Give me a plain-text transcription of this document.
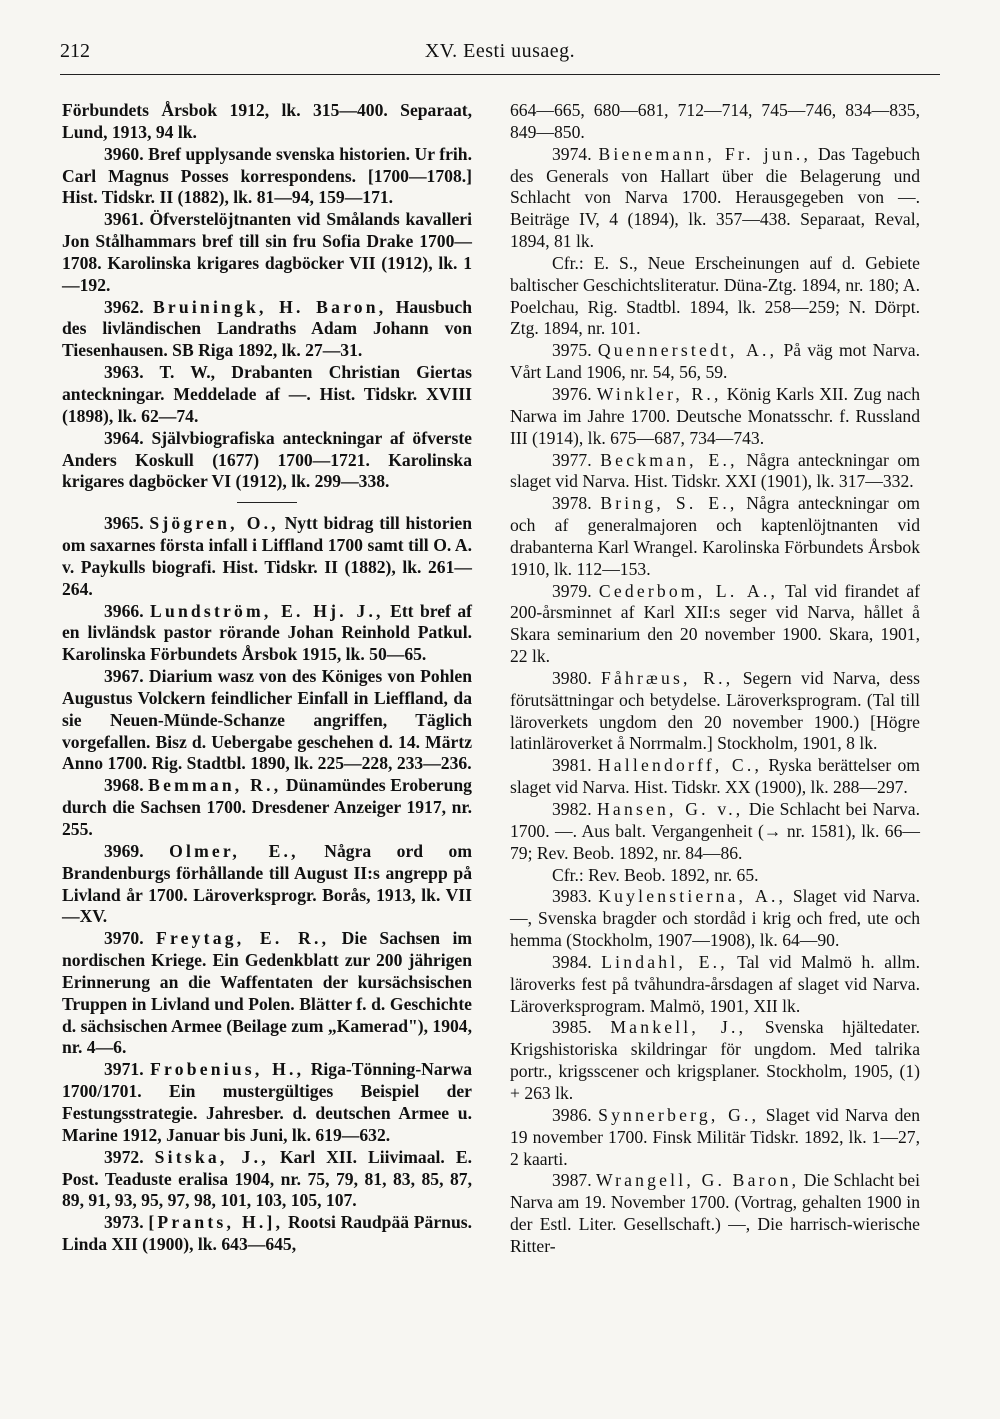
212	XV. Eesti uusaeg.

Förbundets Årsbok 1912, lk. 315—400. Separaat, Lund, 1913, 94 lk.

3960. Bref upplysande svenska historien. Ur frih. Carl Magnus Posses korrespondens. [1700—1708.] Hist. Tidskr. II (1882), lk. 81—94, 159—171.

3961. Öfverstelöjtnanten vid Smålands kavalleri Jon Stålhammars bref till sin fru Sofia Drake 1700—1708. Karolinska krigares dagböcker VII (1912), lk. 1—192.

3962. Bruiningk, H. Baron, Hausbuch des livländischen Landraths Adam Johann von Tiesenhausen. SB Riga 1892, lk. 27—31.

3963. T. W., Drabanten Christian Giertas anteckningar. Meddelade af —. Hist. Tidskr. XVIII (1898), lk. 62—74.

3964. Självbiografiska anteckningar af öfverste Anders Koskull (1677) 1700—1721. Karolinska krigares dagböcker VI (1912), lk. 299—338.

3965. Sjögren, O., Nytt bidrag till historien om saxarnes första infall i Liffland 1700 samt till O. A. v. Paykulls biografi. Hist. Tidskr. II (1882), lk. 261—264.

3966. Lundström, E. Hj. J., Ett bref af en livländsk pastor rörande Johan Reinhold Patkul. Karolinska Förbundets Årsbok 1915, lk. 50—65.

3967. Diarium wasz von des Königes von Pohlen Augustus Volckern feindlicher Einfall in Lieffland, da sie Neuen-Münde-Schanze angriffen, Täglich vorgefallen. Bisz d. Uebergabe geschehen d. 14. Märtz Anno 1700. Rig. Stadtbl. 1890, lk. 225—228, 233—236.

3968. Bemman, R., Dünamündes Eroberung durch die Sachsen 1700. Dresdener Anzeiger 1917, nr. 255.

3969. Olmer, E., Några ord om Brandenburgs förhållande till August II:s angrepp på Livland år 1700. Läroverksprogr. Borås, 1913, lk. VII—XV.

3970. Freytag, E. R., Die Sachsen im nordischen Kriege. Ein Gedenkblatt zur 200 jährigen Erinnerung an die Waffentaten der kursächsischen Truppen in Livland und Polen. Blätter f. d. Geschichte d. sächsischen Armee (Beilage zum „Kamerad"), 1904, nr. 4—6.

3971. Frobenius, H., Riga-Tönning-Narwa 1700/1701. Ein mustergültiges Beispiel der Festungsstrategie. Jahresber. d. deutschen Armee u. Marine 1912, Januar bis Juni, lk. 619—632.

3972. Sitska, J., Karl XII. Liivimaal. E. Post. Teaduste eralisa 1904, nr. 75, 79, 81, 83, 85, 87, 89, 91, 93, 95, 97, 98, 101, 103, 105, 107.

3973. [Prants, H.], Rootsi Raudpää Pärnus. Linda XII (1900), lk. 643—645,

664—665, 680—681, 712—714, 745—746, 834—835, 849—850.

3974. Bienemann, Fr. jun., Das Tagebuch des Generals von Hallart über die Belagerung und Schlacht von Narva 1700. Herausgegeben von —. Beiträge IV, 4 (1894), lk. 357—438. Separaat, Reval, 1894, 81 lk.

Cfr.: E. S., Neue Erscheinungen auf d. Gebiete baltischer Geschichtsliteratur. Düna-Ztg. 1894, nr. 180; A. Poelchau, Rig. Stadtbl. 1894, lk. 258—259; N. Dörpt. Ztg. 1894, nr. 101.

3975. Quennerstedt, A., På väg mot Narva. Vårt Land 1906, nr. 54, 56, 59.

3976. Winkler, R., König Karls XII. Zug nach Narwa im Jahre 1700. Deutsche Monatsschr. f. Russland III (1914), lk. 675—687, 734—743.

3977. Beckman, E., Några anteckningar om slaget vid Narva. Hist. Tidskr. XXI (1901), lk. 317—332.

3978. Bring, S. E., Några anteckningar om och af generalmajoren och kaptenlöjtnanten vid drabanterna Karl Wrangel. Karolinska Förbundets Årsbok 1910, lk. 112—153.

3979. Cederbom, L. A., Tal vid firandet af 200-årsminnet af Karl XII:s seger vid Narva, hållet å Skara seminarium den 20 november 1900. Skara, 1901, 22 lk.

3980. Fåhræus, R., Segern vid Narva, dess förutsättningar och betydelse. Läroverksprogram. (Tal till läroverkets ungdom den 20 november 1900.) [Högre latinläroverket å Norrmalm.] Stockholm, 1901, 8 lk.

3981. Hallendorff, C., Ryska berättelser om slaget vid Narva. Hist. Tidskr. XX (1900), lk. 288—297.

3982. Hansen, G. v., Die Schlacht bei Narva. 1700. —. Aus balt. Vergangenheit (→ nr. 1581), lk. 66—79; Rev. Beob. 1892, nr. 84—86.

Cfr.: Rev. Beob. 1892, nr. 65.

3983. Kuylenstierna, A., Slaget vid Narva. —, Svenska bragder och stordåd i krig och fred, ute och hemma (Stockholm, 1907—1908), lk. 64—90.

3984. Lindahl, E., Tal vid Malmö h. allm. läroverks fest på tvåhundra-årsdagen af slaget vid Narva. Läroverksprogram. Malmö, 1901, XII lk.

3985. Mankell, J., Svenska hjältedater. Krigshistoriska skildringar för ungdom. Med talrika portr., krigsscener och krigsplaner. Stockholm, 1905, (1) + 263 lk.

3986. Synnerberg, G., Slaget vid Narva den 19 november 1700. Finsk Militär Tidskr. 1892, lk. 1—27, 2 kaarti.

3987. Wrangell, G. Baron, Die Schlacht bei Narva am 19. November 1700. (Vortrag, gehalten 1900 in der Estl. Liter. Gesellschaft.) —, Die harrisch-wierische Ritter-
